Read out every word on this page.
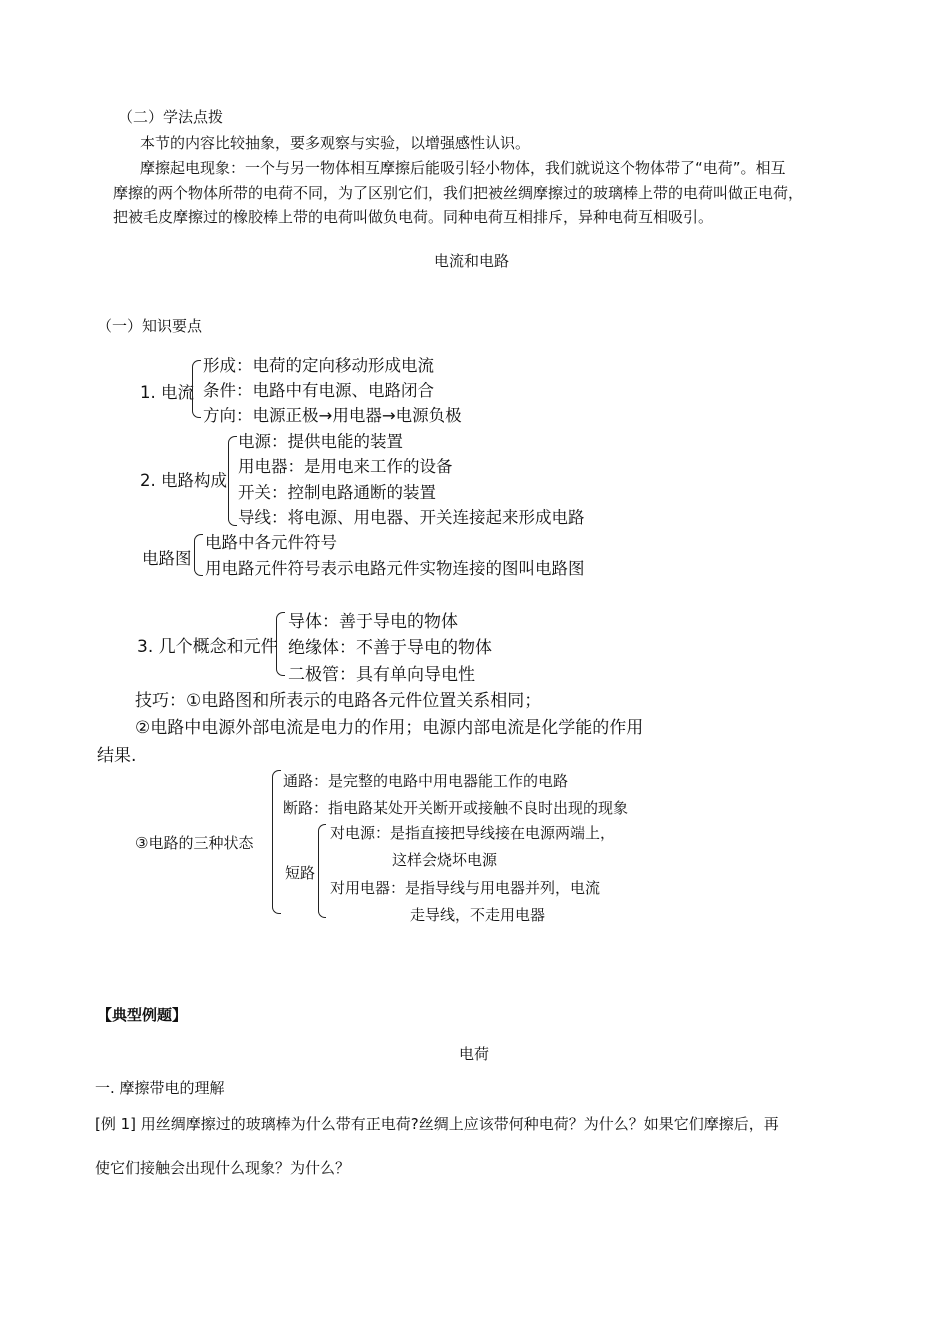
（二）学法点拨
本节的内容比较抽象，要多观察与实验，以增强感性认识。
摩擦起电现象：一个与另一物体相互摩擦后能吸引轻小物体，我们就说这个物体带了“电荷”。相互
摩擦的两个物体所带的电荷不同，为了区别它们，我们把被丝绸摩擦过的玻璃棒上带的电荷叫做正电荷，
把被毛皮摩擦过的橡胶棒上带的电荷叫做负电荷。同种电荷互相排斥，异种电荷互相吸引。
电流和电路
（一）知识要点
1. 电流
形成：电荷的定向移动形成电流
条件：电路中有电源、电路闭合
方向：电源正极→用电器→电源负极
2. 电路构成
电源：提供电能的装置
用电器：是用电来工作的设备
开关：控制电路通断的装置
导线：将电源、用电器、开关连接起来形成电路
电路图
电路中各元件符号
用电路元件符号表示电路元件实物连接的图叫电路图
3. 几个概念和元件
导体：善于导电的物体
绝缘体：不善于导电的物体
二极管：具有单向导电性
技巧：①电路图和所表示的电路各元件位置关系相同；
②电路中电源外部电流是电力的作用；电源内部电流是化学能的作用
结果.
③电路的三种状态
通路：是完整的电路中用电器能工作的电路
断路：指电路某处开关断开或接触不良时出现的现象
短路
对电源：是指直接把导线接在电源两端上，
这样会烧坏电源
对用电器：是指导线与用电器并列，电流
走导线，不走用电器
【典型例题】
电荷
一. 摩擦带电的理解
[例 1] 用丝绸摩擦过的玻璃棒为什么带有正电荷?丝绸上应该带何种电荷？为什么？如果它们摩擦后，再
使它们接触会出现什么现象？为什么？
